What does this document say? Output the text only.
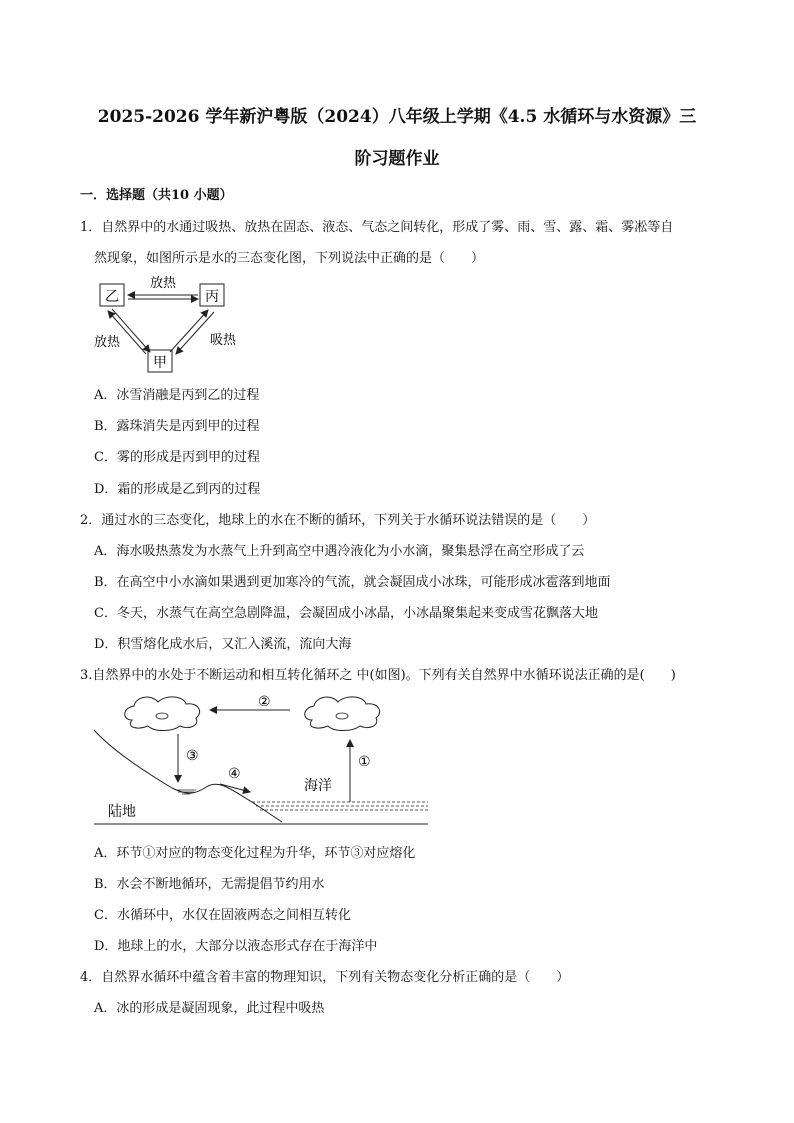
2025-2026 学年新沪粤版（2024）八年级上学期《4.5 水循环与水资源》三
阶习题作业
一．选择题（共10 小题）
1．自然界中的水通过吸热、放热在固态、液态、气态之间转化，形成了雾、雨、雪、露、霜、雾凇等自
然现象，如图所示是水的三态变化图，下列说法中正确的是（　　）
乙	丙
甲
放热
放热	吸热
A．冰雪消融是丙到乙的过程
B．露珠消失是丙到甲的过程
C．雾的形成是丙到甲的过程
D．霜的形成是乙到丙的过程
2．通过水的三态变化，地球上的水在不断的循环，下列关于水循环说法错误的是（　　）
A．海水吸热蒸发为水蒸气上升到高空中遇冷液化为小水滴，聚集悬浮在高空形成了云
B．在高空中小水滴如果遇到更加寒冷的气流，就会凝固成小冰珠，可能形成冰雹落到地面
C．冬天，水蒸气在高空急剧降温，会凝固成小冰晶，小冰晶聚集起来变成雪花飘落大地
D．积雪熔化成水后，又汇入溪流，流向大海
3.自然界中的水处于不断运动和相互转化循环之 中(如图)。下列有关自然界中水循环说法正确的是(　　)
②
③	①
④
陆地
海洋
A．环节①对应的物态变化过程为升华，环节③对应熔化
B．水会不断地循环，无需提倡节约用水
C．水循环中，水仅在固液两态之间相互转化
D．地球上的水，大部分以液态形式存在于海洋中
4．自然界水循环中蕴含着丰富的物理知识，下列有关物态变化分析正确的是（　　）
A．冰的形成是凝固现象，此过程中吸热
